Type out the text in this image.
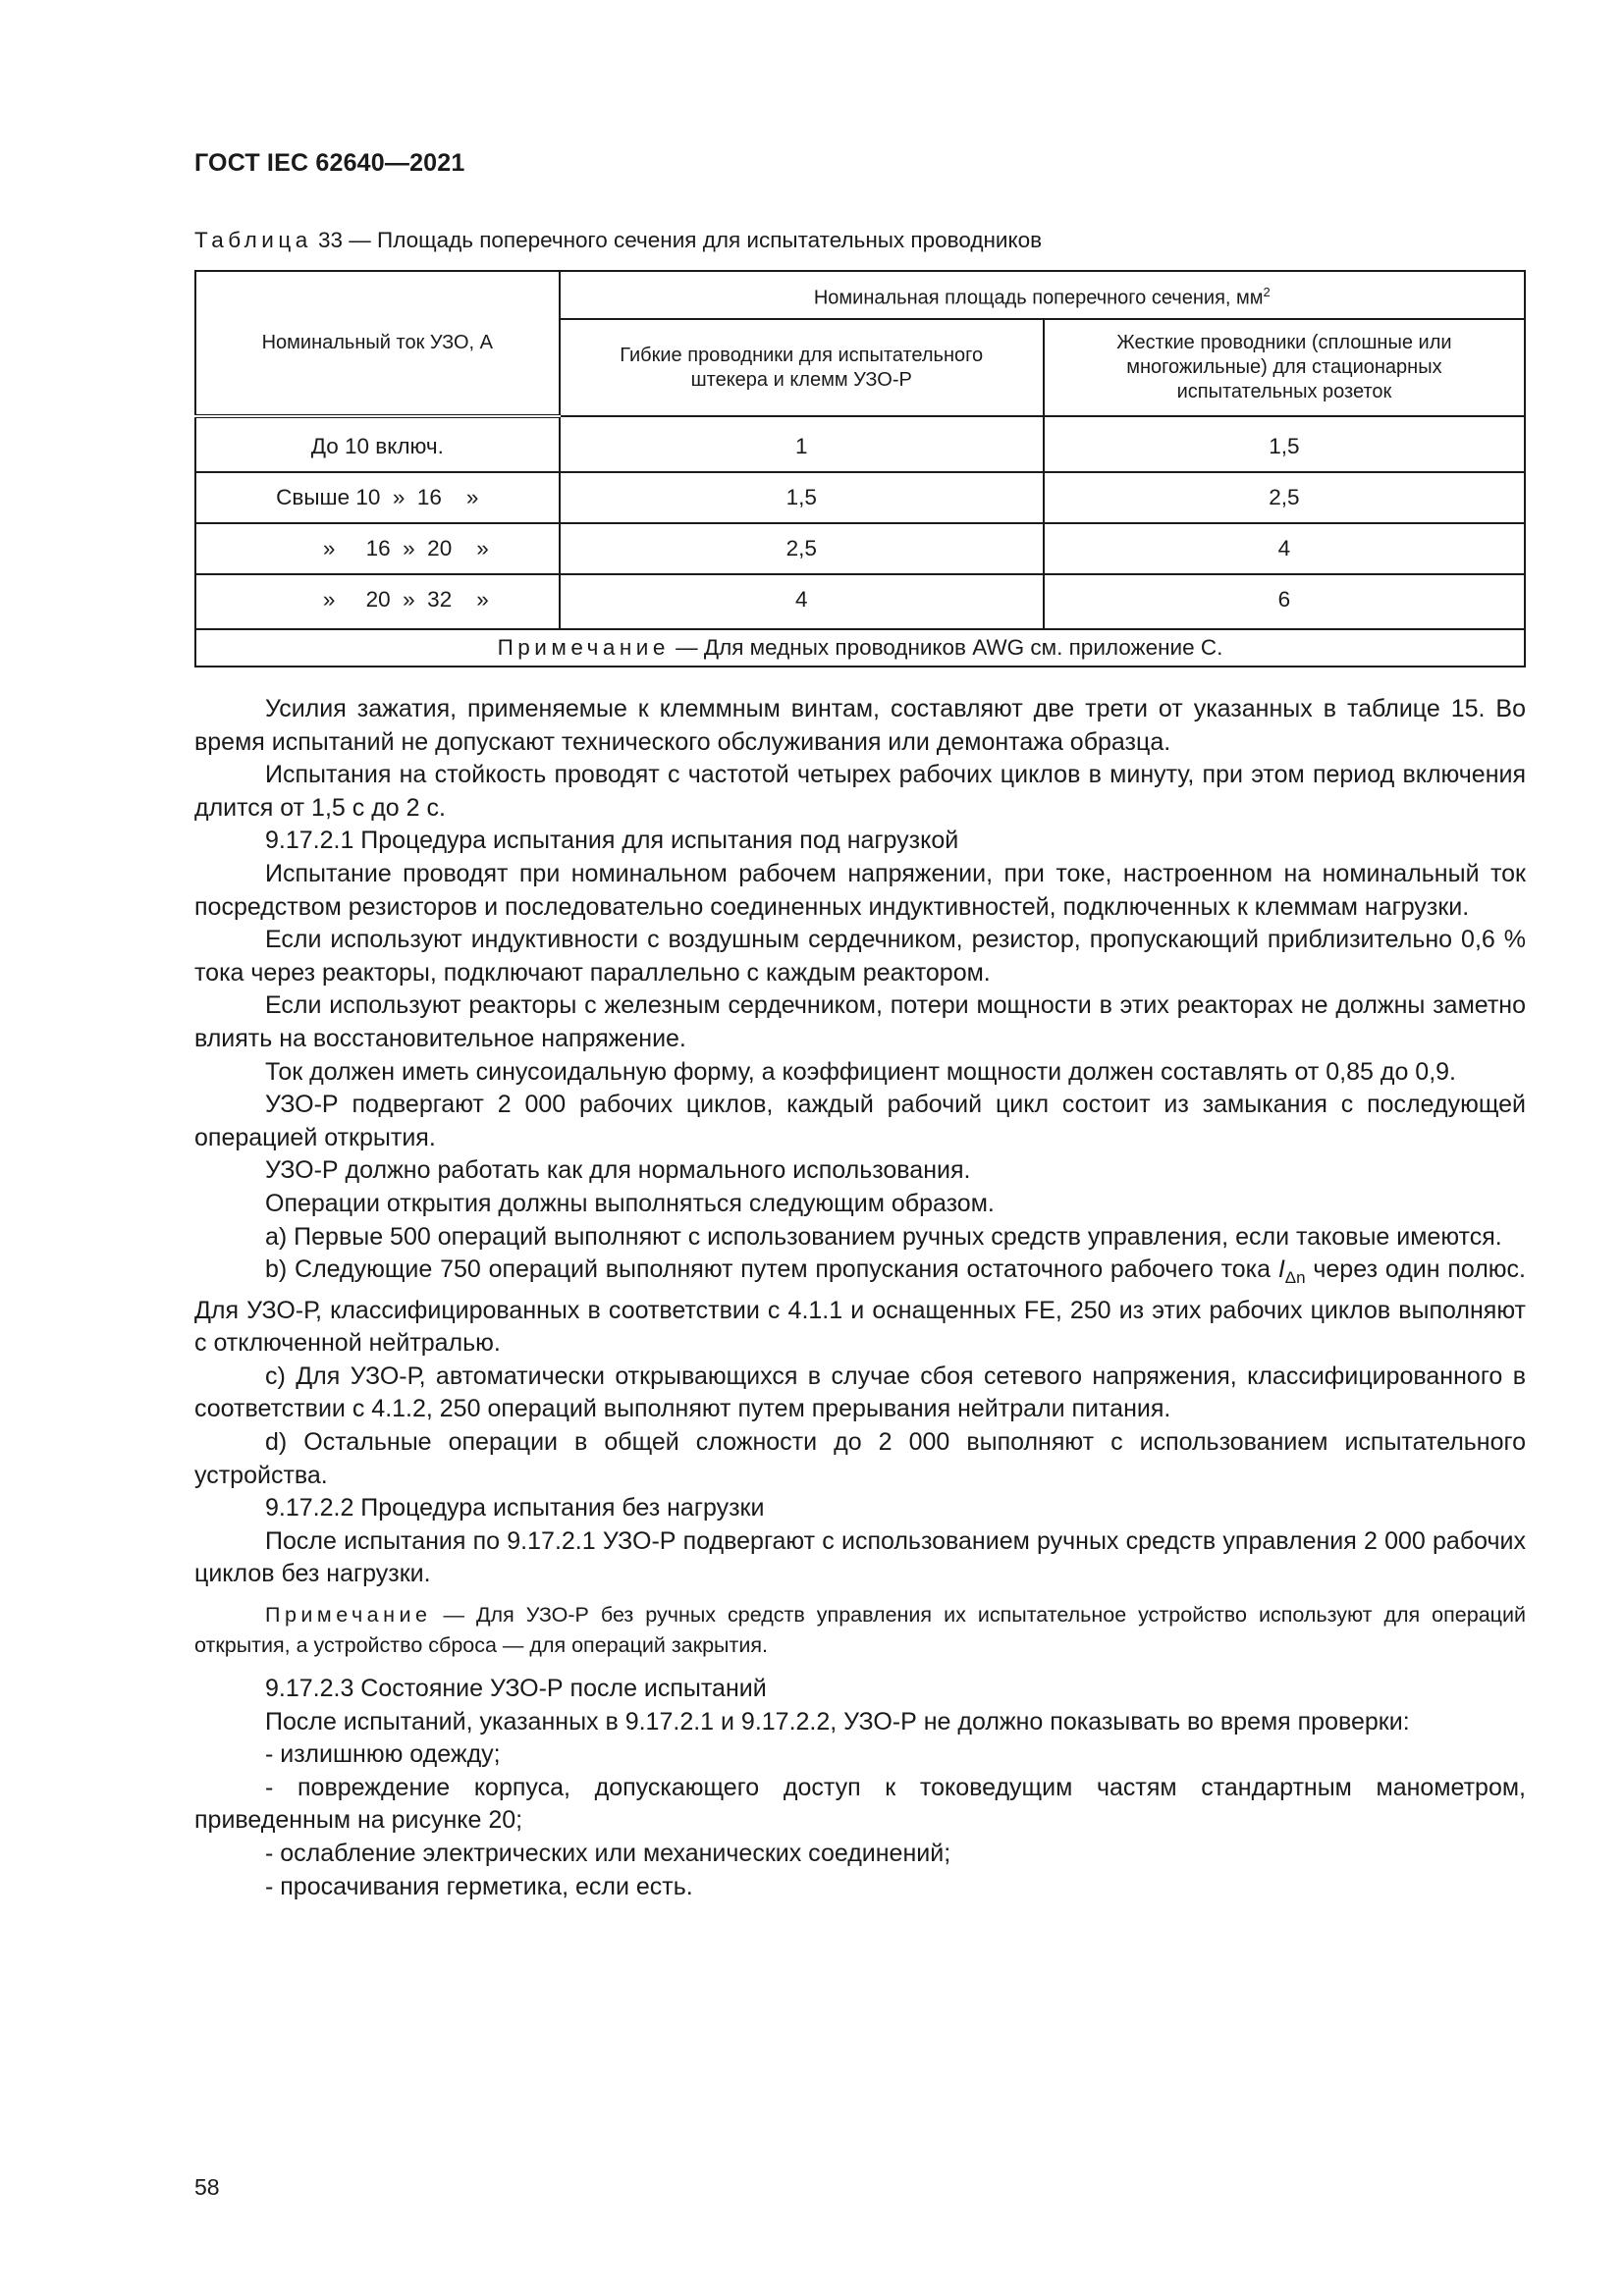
ГОСТ IEC 62640—2021
Таблица 33 — Площадь поперечного сечения для испытательных проводников
Номинальный ток УЗО, А	Номинальная площадь поперечного сечения, $мм^2$
	Гибкие проводники для испытательного штекера и клемм УЗО-Р	Жесткие проводники (сплошные или многожильные) для стационарных испытательных розеток
До 10 включ.	1	1,5
Свыше 10  »  16    »	1,5	2,5
»     16  »  20    »	2,5	4
»     20  »  32    »	4	6
Примечание — Для медных проводников AWG см. приложение С.		

Усилия зажатия, применяемые к клеммным винтам, составляют две трети от указанных в таблице 15. Во время испытаний не допускают технического обслуживания или демонтажа образца.

Испытания на стойкость проводят с частотой четырех рабочих циклов в минуту, при этом период включения длится от 1,5 с до 2 с.

9.17.2.1 Процедура испытания для испытания под нагрузкой

Испытание проводят при номинальном рабочем напряжении, при токе, настроенном на номинальный ток посредством резисторов и последовательно соединенных индуктивностей, подключенных к клеммам нагрузки.

Если используют индуктивности с воздушным сердечником, резистор, пропускающий приблизительно 0,6 % тока через реакторы, подключают параллельно с каждым реактором.

Если используют реакторы с железным сердечником, потери мощности в этих реакторах не должны заметно влиять на восстановительное напряжение.

Ток должен иметь синусоидальную форму, а коэффициент мощности должен составлять от 0,85 до 0,9.

УЗО-Р подвергают 2 000 рабочих циклов, каждый рабочий цикл состоит из замыкания с последующей операцией открытия.

УЗО-Р должно работать как для нормального использования.

Операции открытия должны выполняться следующим образом.

a) Первые 500 операций выполняют с использованием ручных средств управления, если таковые имеются.

b) Следующие 750 операций выполняют путем пропускания остаточного рабочего тока $I_{\Delta n}$ через один полюс. Для УЗО-Р, классифицированных в соответствии с 4.1.1 и оснащенных FE, 250 из этих рабочих циклов выполняют с отключенной нейтралью.

c) Для УЗО-Р, автоматически открывающихся в случае сбоя сетевого напряжения, классифицированного в соответствии с 4.1.2, 250 операций выполняют путем прерывания нейтрали питания.

d) Остальные операции в общей сложности до 2 000 выполняют с использованием испытательного устройства.

9.17.2.2 Процедура испытания без нагрузки

После испытания по 9.17.2.1 УЗО-Р подвергают с использованием ручных средств управления 2 000 рабочих циклов без нагрузки.

Примечание — Для УЗО-Р без ручных средств управления их испытательное устройство используют для операций открытия, а устройство сброса — для операций закрытия.

9.17.2.3 Состояние УЗО-Р после испытаний

После испытаний, указанных в 9.17.2.1 и 9.17.2.2, УЗО-Р не должно показывать во время проверки:

- излишнюю одежду;

- повреждение корпуса, допускающего доступ к токоведущим частям стандартным манометром, приведенным на рисунке 20;

- ослабление электрических или механических соединений;

- просачивания герметика, если есть.

58
